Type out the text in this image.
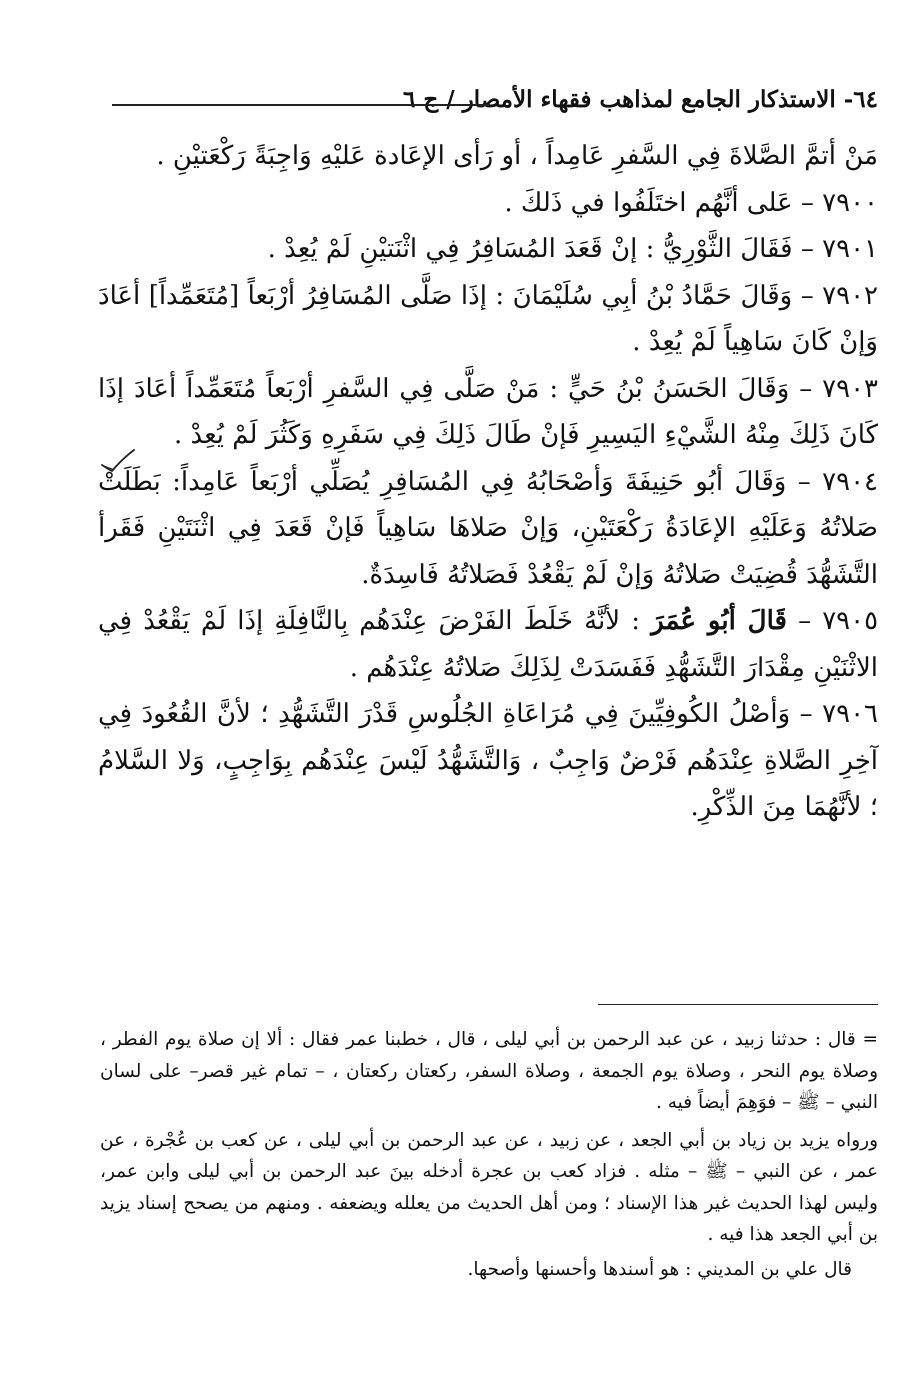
٦٤- الاستذكار الجامع لمذاهب فقهاء الأمصار / ج ٦

مَنْ أتمَّ الصَّلاةَ فِي السَّفرِ عَامِداً ، أو رَأى الإعَادة عَليْهِ وَاجِبَةً رَكْعَتيْنِ .

٧٩٠٠ – عَلى أنَّهُم اختَلَفُوا في ذَلكَ .

٧٩٠١ – فَقَالَ الثَّوْرِيُّ : إنْ قَعَدَ المُسَافِرُ فِي اثْنَتيْنِ لَمْ يُعِدْ .

٧٩٠٢ – وَقَالَ حَمَّادُ بْنُ أبِي سُلَيْمَانَ : إذَا صَلَّى المُسَافِرُ أرْبَعاً [مُتَعَمِّداً] أعَادَ وَإنْ كَانَ سَاهِياً لَمْ يُعِدْ .

٧٩٠٣ – وَقَالَ الحَسَنُ بْنُ حَيٍّ : مَنْ صَلَّى فِي السَّفرِ أرْبَعاً مُتَعَمِّداً أعَادَ إذَا كَانَ ذَلِكَ مِنْهُ الشَّيْءِ اليَسِيرِ فَإنْ طَالَ ذَلِكَ فِي سَفَرِهِ وَكَثُرَ لَمْ يُعِدْ .

٧٩٠٤ – وَقَالَ أبُو حَنِيفَةَ وَأصْحَابُهُ فِي المُسَافِرِ يُصَلِّي أرْبَعاً عَامِداً: بَطَلَتْ صَلاتُهُ وَعَلَيْهِ الإعَادَةُ رَكْعَتَيْنِ، وَإنْ صَلاهَا سَاهِياً فَإنْ قَعَدَ فِي اثْنَتَيْنِ فَقَرأ التَّشَهُّدَ قُضِيَتْ صَلاتُهُ وَإنْ لَمْ يَقْعُدْ فَصَلاتُهُ فَاسِدَةٌ.

٧٩٠٥ – قَالَ أبُو عُمَرَ : لأنَّهُ خَلَطَ الفَرْضَ عِنْدَهُم بِالنَّافِلَةِ إذَا لَمْ يَقْعُدْ فِي الاثْنَيْنِ مِقْدَارَ التَّشَهُّدِ فَفَسَدَتْ لِذَلِكَ صَلاتُهُ عِنْدَهُم .

٧٩٠٦ – وَأصْلُ الكُوفِيِّينَ فِي مُرَاعَاةِ الجُلُوسِ قَدْرَ التَّشَهُّدِ ؛ لأنَّ القُعُودَ فِي آخِرِ الصَّلاةِ عِنْدَهُم فَرْضٌ وَاجِبٌ ، وَالتَّشَهُّدُ لَيْسَ عِنْدَهُم بِوَاجِبٍ، وَلا السَّلامُ ؛ لأنَّهُمَا مِنَ الذِّكْرِ.

= قال : حدثنا زبيد ، عن عبد الرحمن بن أبي ليلى ، قال ، خطبنا عمر فقال : ألا إن صلاة يوم الفطر ، وصلاة يوم النحر ، وصلاة يوم الجمعة ، وصلاة السفر، ركعتان ركعتان ، – تمام غير قصر– على لسان النبي – ﷺ – فوَهِمَ أيضاً فيه .

ورواه يزيد بن زياد بن أبي الجعد ، عن زبيد ، عن عبد الرحمن بن أبي ليلى ، عن كعب بن عُجْرة ، عن عمر ، عن النبي – ﷺ – مثله . فزاد كعب بن عجرة أدخله بينَ عبد الرحمن بن أبي ليلى وابن عمر، وليس لهذا الحديث غير هذا الإسناد ؛ ومن أهل الحديث من يعلله ويضعفه . ومنهم من يصحح إسناد يزيد بن أبي الجعد هذا فيه .

قال علي بن المديني : هو أسندها وأحسنها وأصحها.
